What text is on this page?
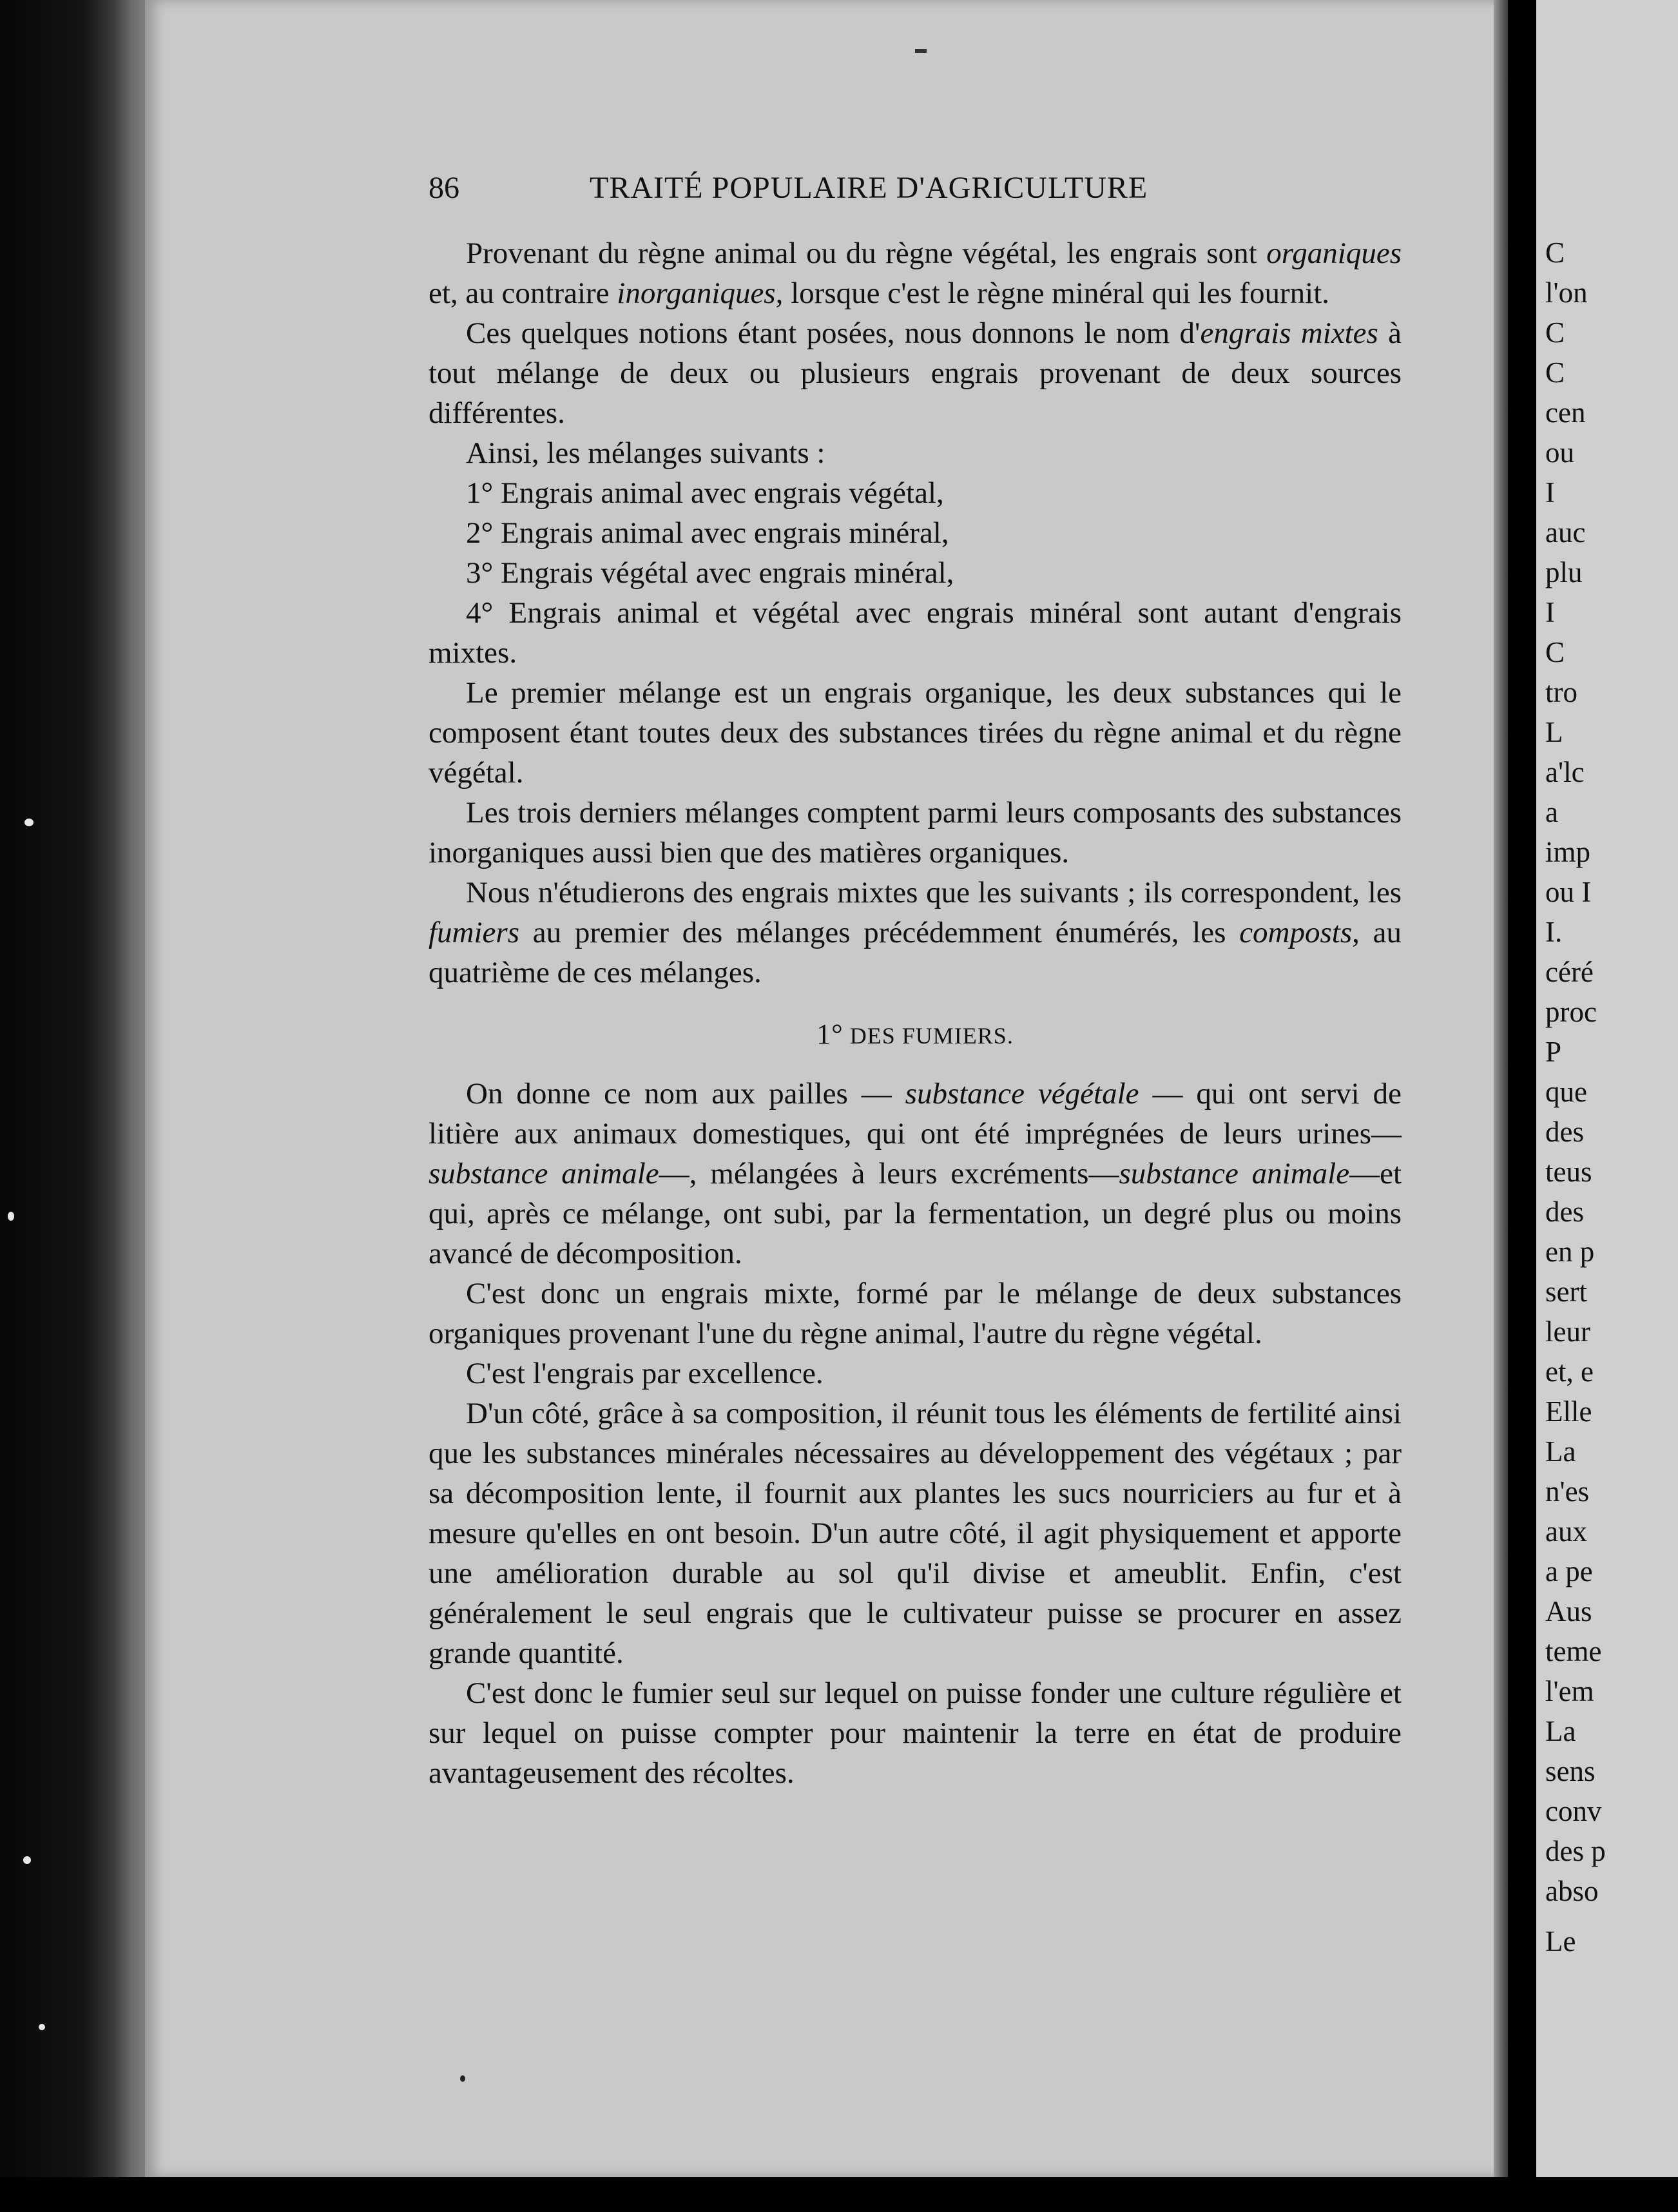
C
l'on
C
C
cen
ou
I
auc
plu
I
C
tro
L
a'lc
a
imp
ou I
I.
céré
proc
P
que
des
teus
des
en p
sert
leur
et, e
Elle
La
n'es
aux
a pe
Aus
teme
l'em
La
sens
conv
des p
abso
Le
86	TRAITÉ POPULAIRE D'AGRICULTURE

Provenant du règne animal ou du règne végétal, les engrais sont organiques et, au contraire inorganiques, lorsque c'est le règne minéral qui les fournit.

Ces quelques notions étant posées, nous donnons le nom d'engrais mixtes à tout mélange de deux ou plusieurs engrais provenant de deux sources différentes.

Ainsi, les mélanges suivants :

1° Engrais animal avec engrais végétal,

2° Engrais animal avec engrais minéral,

3° Engrais végétal avec engrais minéral,

4° Engrais animal et végétal avec engrais minéral sont autant d'engrais mixtes.

Le premier mélange est un engrais organique, les deux substances qui le composent étant toutes deux des substances tirées du règne animal et du règne végétal.

Les trois derniers mélanges comptent parmi leurs composants des substances inorganiques aussi bien que des matières organiques.

Nous n'étudierons des engrais mixtes que les suivants ; ils correspondent, les fumiers au premier des mélanges précédemment énumérés, les composts, au quatrième de ces mélanges.

1° DES FUMIERS.

On donne ce nom aux pailles — substance végétale — qui ont servi de litière aux animaux domestiques, qui ont été imprégnées de leurs urines—substance animale—, mélangées à leurs excréments—substance animale—et qui, après ce mélange, ont subi, par la fermentation, un degré plus ou moins avancé de décomposition.

C'est donc un engrais mixte, formé par le mélange de deux substances organiques provenant l'une du règne animal, l'autre du règne végétal.

C'est l'engrais par excellence.

D'un côté, grâce à sa composition, il réunit tous les éléments de fertilité ainsi que les substances minérales nécessaires au développement des végétaux ; par sa décomposition lente, il fournit aux plantes les sucs nourriciers au fur et à mesure qu'elles en ont besoin. D'un autre côté, il agit physiquement et apporte une amélioration durable au sol qu'il divise et ameublit. Enfin, c'est généralement le seul engrais que le cultivateur puisse se procurer en assez grande quantité.

C'est donc le fumier seul sur lequel on puisse fonder une culture régulière et sur lequel on puisse compter pour maintenir la terre en état de produire avantageusement des récoltes.
